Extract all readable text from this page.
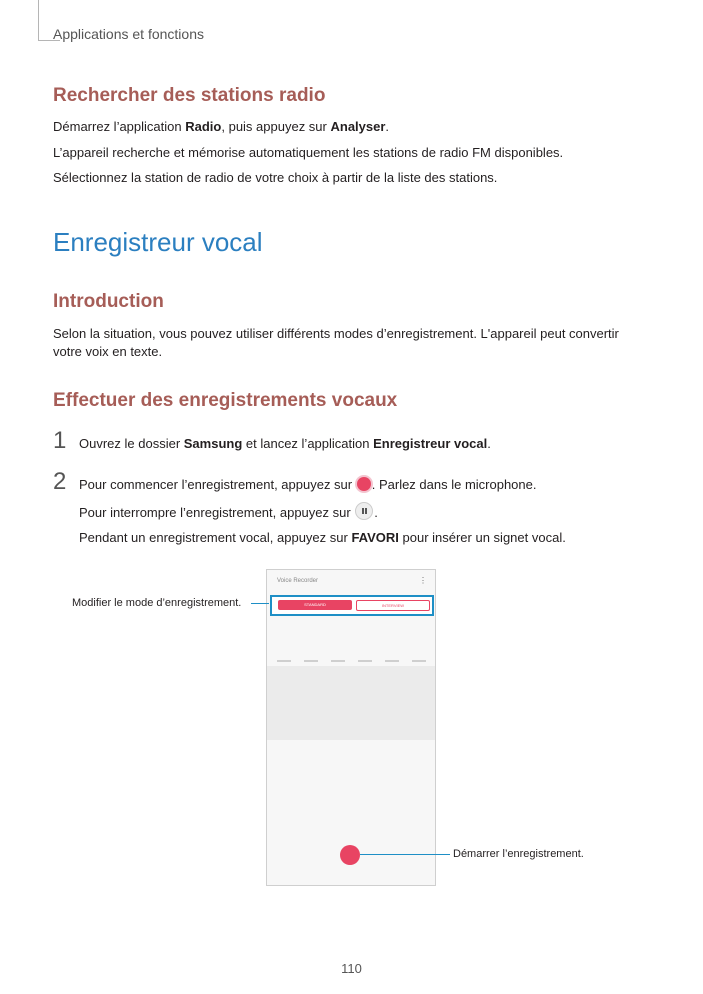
Applications et fonctions
Rechercher des stations radio
Démarrez l’application Radio, puis appuyez sur Analyser.
L’appareil recherche et mémorise automatiquement les stations de radio FM disponibles.
Sélectionnez la station de radio de votre choix à partir de la liste des stations.
Enregistreur vocal
Introduction
Selon la situation, vous pouvez utiliser différents modes d’enregistrement. L'appareil peut convertir votre voix en texte.
Effectuer des enregistrements vocaux
1 Ouvrez le dossier Samsung et lancez l’application Enregistreur vocal.
2 Pour commencer l’enregistrement, appuyez sur . Parlez dans le microphone.
Pour interrompre l’enregistrement, appuyez sur .
Pendant un enregistrement vocal, appuyez sur FAVORI pour insérer un signet vocal.
Voice Recorder	⋮
STANDARD	INTERVIEW
Modifier le mode d’enregistrement.
Démarrer l’enregistrement.
110
